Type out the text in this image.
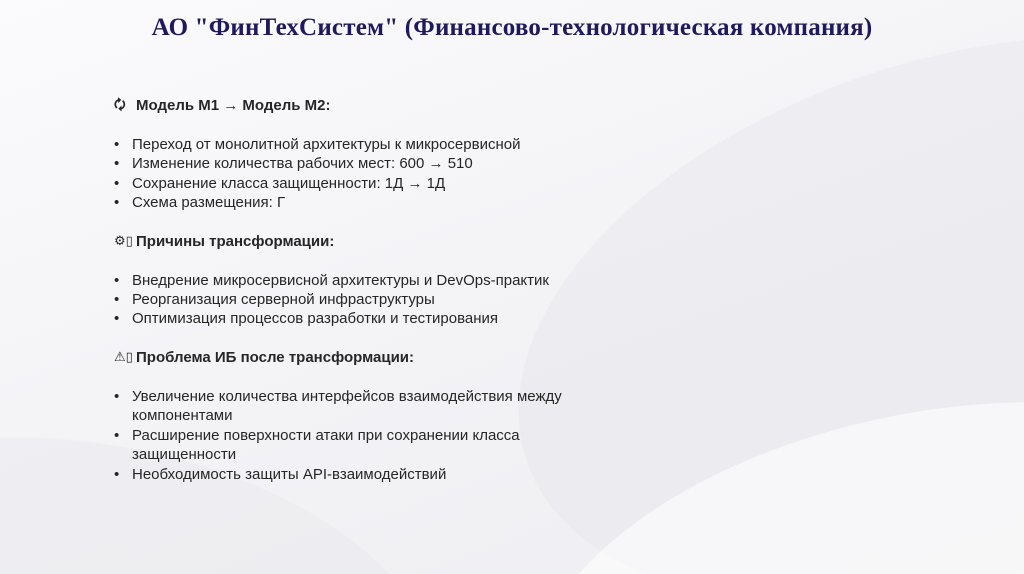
АО "ФинТехСистем" (Финансово-технологическая компания)
🗘 Модель М1 → Модель М2:
• Переход от монолитной архитектуры к микросервисной
• Изменение количества рабочих мест: 600 → 510
• Сохранение класса защищенности: 1Д → 1Д
• Схема размещения: Г
⚙▯ Причины трансформации:
• Внедрение микросервисной архитектуры и DevOps-практик
• Реорганизация серверной инфраструктуры
• Оптимизация процессов разработки и тестирования
⚠▯ Проблема ИБ после трансформации:
• Увеличение количества интерфейсов взаимодействия между компонентами
• Расширение поверхности атаки при сохранении класса защищенности
• Необходимость защиты API-взаимодействий
